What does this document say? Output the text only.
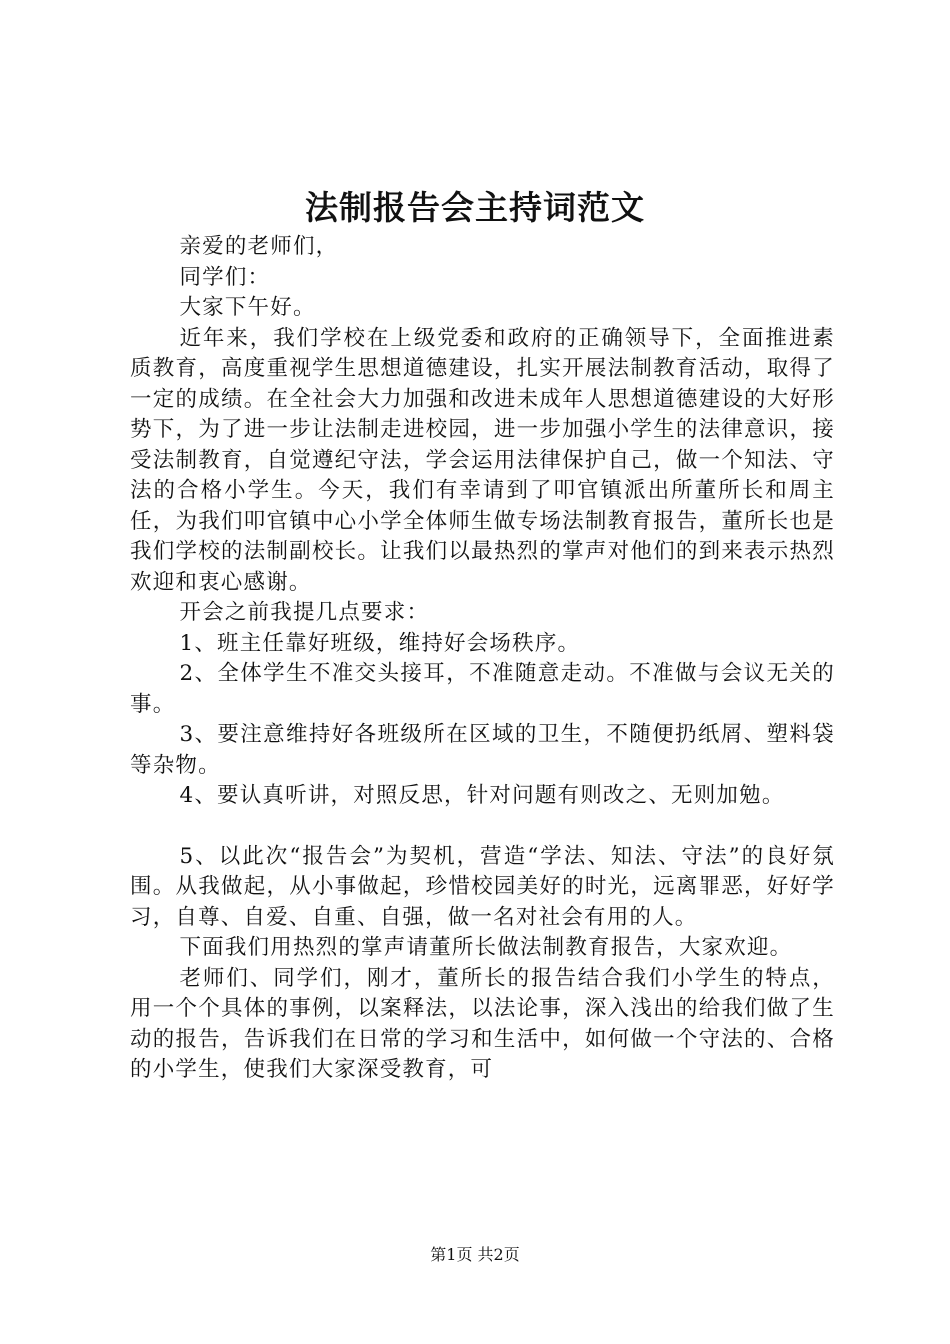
法制报告会主持词范文

亲爱的老师们，

同学们：

大家下午好。

近年来，我们学校在上级党委和政府的正确领导下，全面推进素质教育，高度重视学生思想道德建设，扎实开展法制教育活动，取得了一定的成绩。在全社会大力加强和改进未成年人思想道德建设的大好形势下，为了进一步让法制走进校园，进一步加强小学生的法律意识，接受法制教育，自觉遵纪守法，学会运用法律保护自己，做一个知法、守法的合格小学生。今天，我们有幸请到了叩官镇派出所董所长和周主任，为我们叩官镇中心小学全体师生做专场法制教育报告，董所长也是我们学校的法制副校长。让我们以最热烈的掌声对他们的到来表示热烈欢迎和衷心感谢。

开会之前我提几点要求：

1、班主任靠好班级，维持好会场秩序。

2、全体学生不准交头接耳，不准随意走动。不准做与会议无关的事。

3、要注意维持好各班级所在区域的卫生，不随便扔纸屑、塑料袋等杂物。

4、要认真听讲，对照反思，针对问题有则改之、无则加勉。

5、以此次“报告会”为契机，营造“学法、知法、守法”的良好氛围。从我做起，从小事做起，珍惜校园美好的时光，远离罪恶，好好学习，自尊、自爱、自重、自强，做一名对社会有用的人。

下面我们用热烈的掌声请董所长做法制教育报告，大家欢迎。

老师们、同学们，刚才，董所长的报告结合我们小学生的特点，用一个个具体的事例，以案释法，以法论事，深入浅出的给我们做了生动的报告，告诉我们在日常的学习和生活中，如何做一个守法的、合格的小学生，使我们大家深受教育，可

第1页 共2页
